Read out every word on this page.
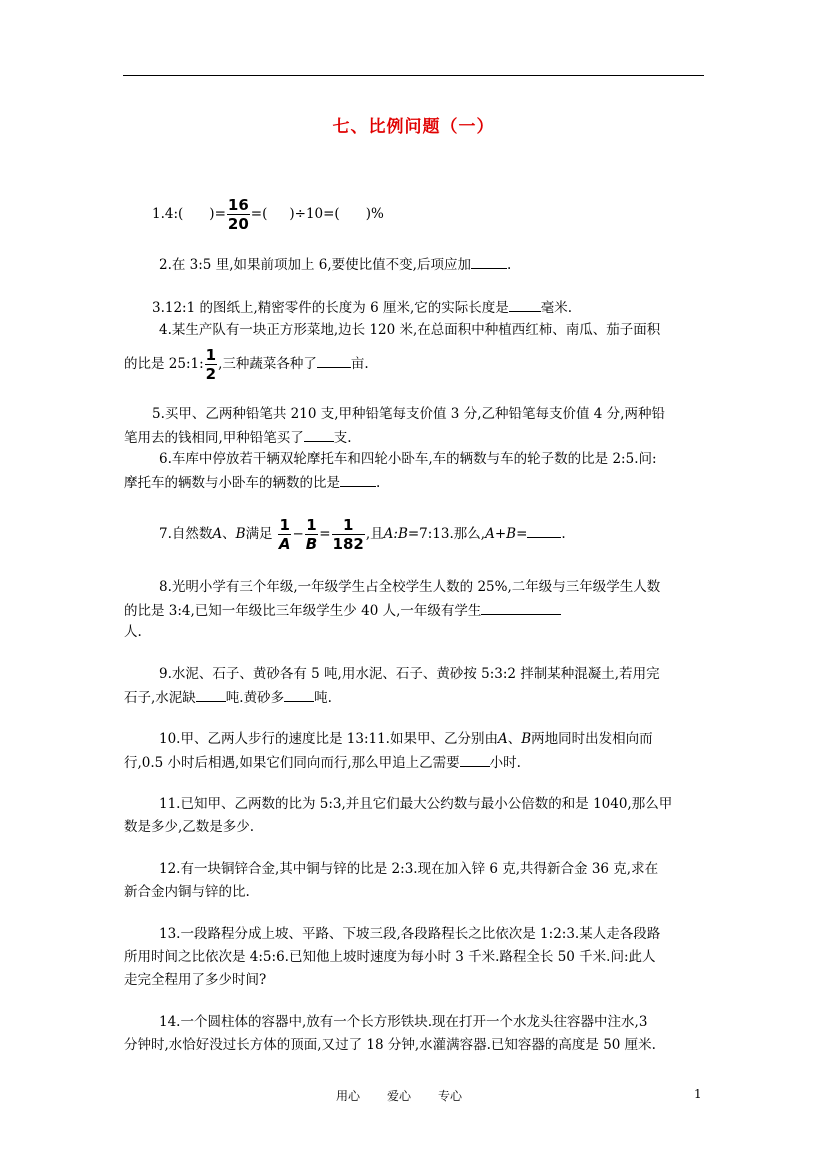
七、比例问题（一）
1.4:( )= $\frac{16}{20}$ =( )÷10=( )%
2.在 3:5 里,如果前项加上 6,要使比值不变,后项应加	.
3.12:1 的图纸上,精密零件的长度为 6 厘米,它的实际长度是 毫米.
4.某生产队有一块正方形菜地,边长 120 米,在总面积中种植西红柿、南瓜、茄子面积
的比是 25:1: $\frac{1}{2}$ ,三种蔬菜各种了	亩.
5.买甲、乙两种铅笔共 210 支,甲种铅笔每支价值 3 分,乙种铅笔每支价值 4 分,两种铅
笔用去的钱相同,甲种铅笔买了 支.
6.车库中停放若干辆双轮摩托车和四轮小卧车,车的辆数与车的轮子数的比是 2:5.问:
摩托车的辆数与小卧车的辆数的比是	.
7.自然数A、B满足 $\frac{1}{A} - \frac{1}{B} = \frac{1}{182}$ ,且A:B=7:13.那么,A+B=	.
8.光明小学有三个年级,一年级学生占全校学生人数的 25%,二年级与三年级学生人数
的比是 3:4,已知一年级比三年级学生少 40 人,一年级有学生
人.
9.水泥、石子、黄砂各有 5 吨,用水泥、石子、黄砂按 5:3:2 拌制某种混凝土,若用完
石子,水泥缺 吨.黄砂多 吨.
10.甲、乙两人步行的速度比是 13:11.如果甲、乙分别由A、B两地同时出发相向而
行,0.5 小时后相遇,如果它们同向而行,那么甲追上乙需要 小时.
11.已知甲、乙两数的比为 5:3,并且它们最大公约数与最小公倍数的和是 1040,那么甲
数是多少,乙数是多少.
12.有一块铜锌合金,其中铜与锌的比是 2:3.现在加入锌 6 克,共得新合金 36 克,求在
新合金内铜与锌的比.
13.一段路程分成上坡、平路、下坡三段,各段路程长之比依次是 1:2:3.某人走各段路
所用时间之比依次是 4:5:6.已知他上坡时速度为每小时 3 千米.路程全长 50 千米.问:此人
走完全程用了多少时间?
14.一个圆柱体的容器中,放有一个长方形铁块.现在打开一个水龙头往容器中注水,3
分钟时,水恰好没过长方体的顶面,又过了 18 分钟,水灌满容器.已知容器的高度是 50 厘米.
用心 爱心 专心	1
